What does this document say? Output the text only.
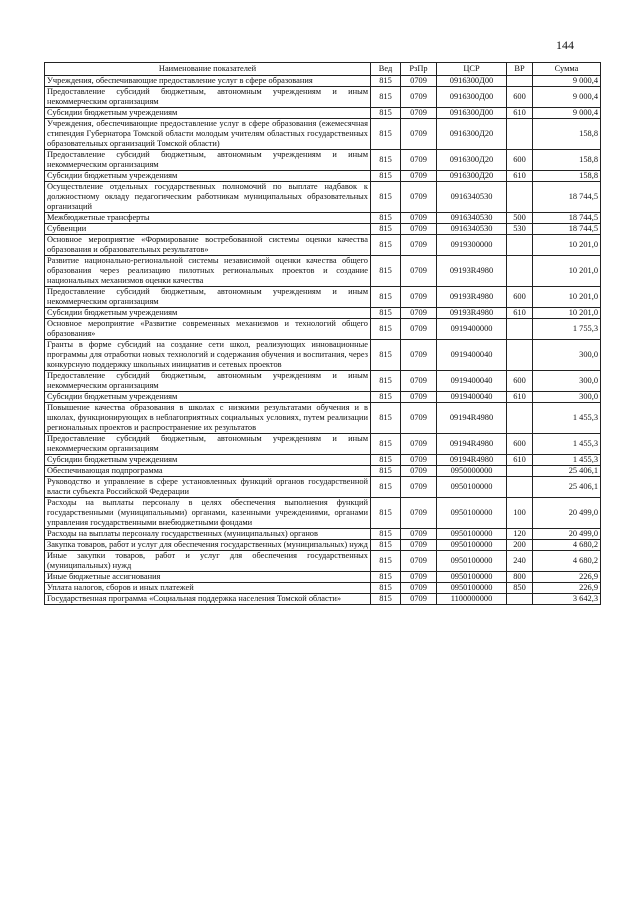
144
Наименование показателей	Вед	РзПр	ЦСР	ВР	Сумма
Учреждения, обеспечивающие предоставление услуг в сфере образования	815	0709	0916300Д00		9 000,4
Предоставление субсидий бюджетным, автономным учреждениям и иным некоммерческим организациям	815	0709	0916300Д00	600	9 000,4
Субсидии бюджетным учреждениям	815	0709	0916300Д00	610	9 000,4
Учреждения, обеспечивающие предоставление услуг в сфере образования (ежемесячная стипендия Губернатора Томской области молодым учителям областных государственных образовательных организаций Томской области)	815	0709	0916300Д20		158,8
Предоставление субсидий бюджетным, автономным учреждениям и иным некоммерческим организациям	815	0709	0916300Д20	600	158,8
Субсидии бюджетным учреждениям	815	0709	0916300Д20	610	158,8
Осуществление отдельных государственных полномочий по выплате надбавок к должностному окладу педагогическим работникам муниципальных образовательных организаций	815	0709	0916340530		18 744,5
Межбюджетные трансферты	815	0709	0916340530	500	18 744,5
Субвенции	815	0709	0916340530	530	18 744,5
Основное мероприятие «Формирование востребованной системы оценки качества образования и образовательных результатов»	815	0709	0919300000		10 201,0
Развитие национально-региональной системы независимой оценки качества общего образования через реализацию пилотных региональных проектов и создание национальных механизмов оценки качества	815	0709	09193R4980		10 201,0
Предоставление субсидий бюджетным, автономным учреждениям и иным некоммерческим организациям	815	0709	09193R4980	600	10 201,0
Субсидии бюджетным учреждениям	815	0709	09193R4980	610	10 201,0
Основное мероприятие «Развитие современных механизмов и технологий общего образования»	815	0709	0919400000		1 755,3
Гранты в форме субсидий на создание сети школ, реализующих инновационные программы для отработки новых технологий и содержания обучения и воспитания, через конкурсную поддержку школьных инициатив и сетевых проектов	815	0709	0919400040		300,0
Предоставление субсидий бюджетным, автономным учреждениям и иным некоммерческим организациям	815	0709	0919400040	600	300,0
Субсидии бюджетным учреждениям	815	0709	0919400040	610	300,0
Повышение качества образования в школах с низкими результатами обучения и в школах, функционирующих в неблагоприятных социальных условиях, путем реализации региональных проектов и распространение их результатов	815	0709	09194R4980		1 455,3
Предоставление субсидий бюджетным, автономным учреждениям и иным некоммерческим организациям	815	0709	09194R4980	600	1 455,3
Субсидии бюджетным учреждениям	815	0709	09194R4980	610	1 455,3
Обеспечивающая подпрограмма	815	0709	0950000000		25 406,1
Руководство и управление в сфере установленных функций органов государственной власти субъекта Российской Федерации	815	0709	0950100000		25 406,1
Расходы на выплаты персоналу в целях обеспечения выполнения функций государственными (муниципальными) органами, казенными учреждениями, органами управления государственными внебюджетными фондами	815	0709	0950100000	100	20 499,0
Расходы на выплаты персоналу государственных (муниципальных) органов	815	0709	0950100000	120	20 499,0
Закупка товаров, работ и услуг для обеспечения государственных (муниципальных) нужд	815	0709	0950100000	200	4 680,2
Иные закупки товаров, работ и услуг для обеспечения государственных (муниципальных) нужд	815	0709	0950100000	240	4 680,2
Иные бюджетные ассигнования	815	0709	0950100000	800	226,9
Уплата налогов, сборов и иных платежей	815	0709	0950100000	850	226,9
Государственная программа «Социальная поддержка населения Томской области»	815	0709	1100000000		3 642,3
